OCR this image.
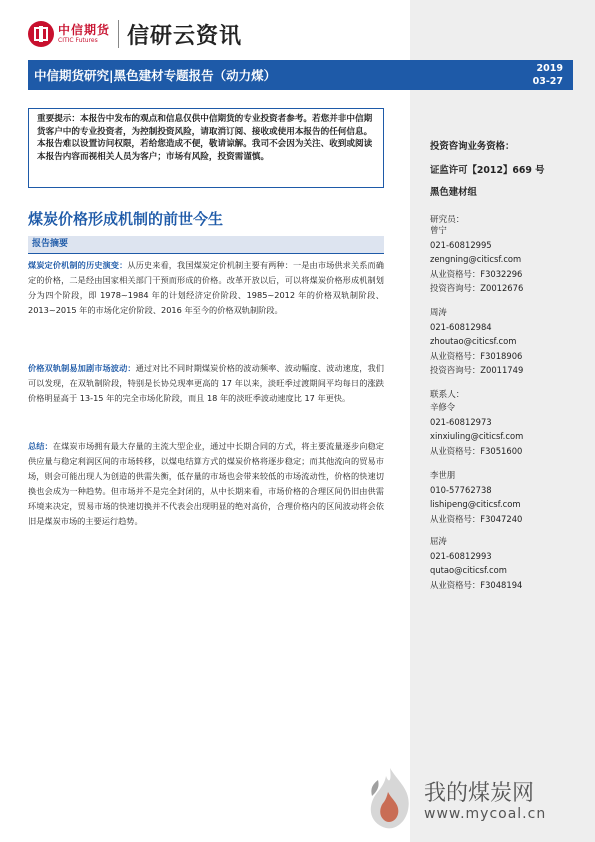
中信期货
CITIC Futures	信研云资讯
中信期货研究|黑色建材专题报告（动力煤）	2019
03-27
重要提示：本报告中发布的观点和信息仅供中信期货的专业投资者参考。若您并非中信期货客户中的专业投资者，为控制投资风险，请取消订阅、接收或使用本报告的任何信息。本报告难以设置访问权限，若给您造成不便，敬请谅解。我司不会因为关注、收到或阅读本报告内容而视相关人员为客户；市场有风险，投资需谨慎。
煤炭价格形成机制的前世今生
报告摘要
煤炭定价机制的历史演变：从历史来看，我国煤炭定价机制主要有两种：一是由市场供求关系而确定的价格，二是经由国家相关部门干预而形成的价格。改革开放以后，可以将煤炭价格形成机制划分为四个阶段，即 1978~1984 年的计划经济定价阶段、1985~2012 年的价格双轨制阶段、2013~2015 年的市场化定价阶段、2016 年至今的价格双轨制阶段。
价格双轨制易加剧市场波动：通过对比不同时期煤炭价格的波动频率、波动幅度、波动速度，我们可以发现，在双轨制阶段，特别是长协兑现率更高的 17 年以来，淡旺季过渡期间平均每日的涨跌价格明显高于 13-15 年的完全市场化阶段，而且 18 年的淡旺季波动速度比 17 年更快。
总结：在煤炭市场拥有最大存量的主流大型企业，通过中长期合同的方式，将主要流量逐步向稳定供应量与稳定利润区间的市场转移，以煤电结算方式的煤炭价格将逐步稳定；而其他流向的贸易市场，则会可能出现人为创造的供需失衡，低存量的市场也会带来较低的市场流动性，价格的快速切换也会成为一种趋势。但市场并不是完全封闭的，从中长期来看，市场价格的合理区间仍旧由供需环境来决定，贸易市场的快速切换并不代表会出现明显的绝对高价，合理价格内的区间波动将会依旧是煤炭市场的主要运行趋势。
投资咨询业务资格：
证监许可【2012】669 号
黑色建材组
研究员：
曾宁
021-60812995
zengning@citicsf.com
从业资格号：F3032296
投资咨询号：Z0012676
周涛
021-60812984
zhoutao@citicsf.com
从业资格号：F3018906
投资咨询号：Z0011749
联系人：
辛修令
021-60812973
xinxiuling@citicsf.com
从业资格号：F3051600
李世朋
010-57762738
lishipeng@citicsf.com
从业资格号：F3047240
屈涛
021-60812993
qutao@citicsf.com
从业资格号：F3048194
我的煤炭网
www.mycoal.cn
